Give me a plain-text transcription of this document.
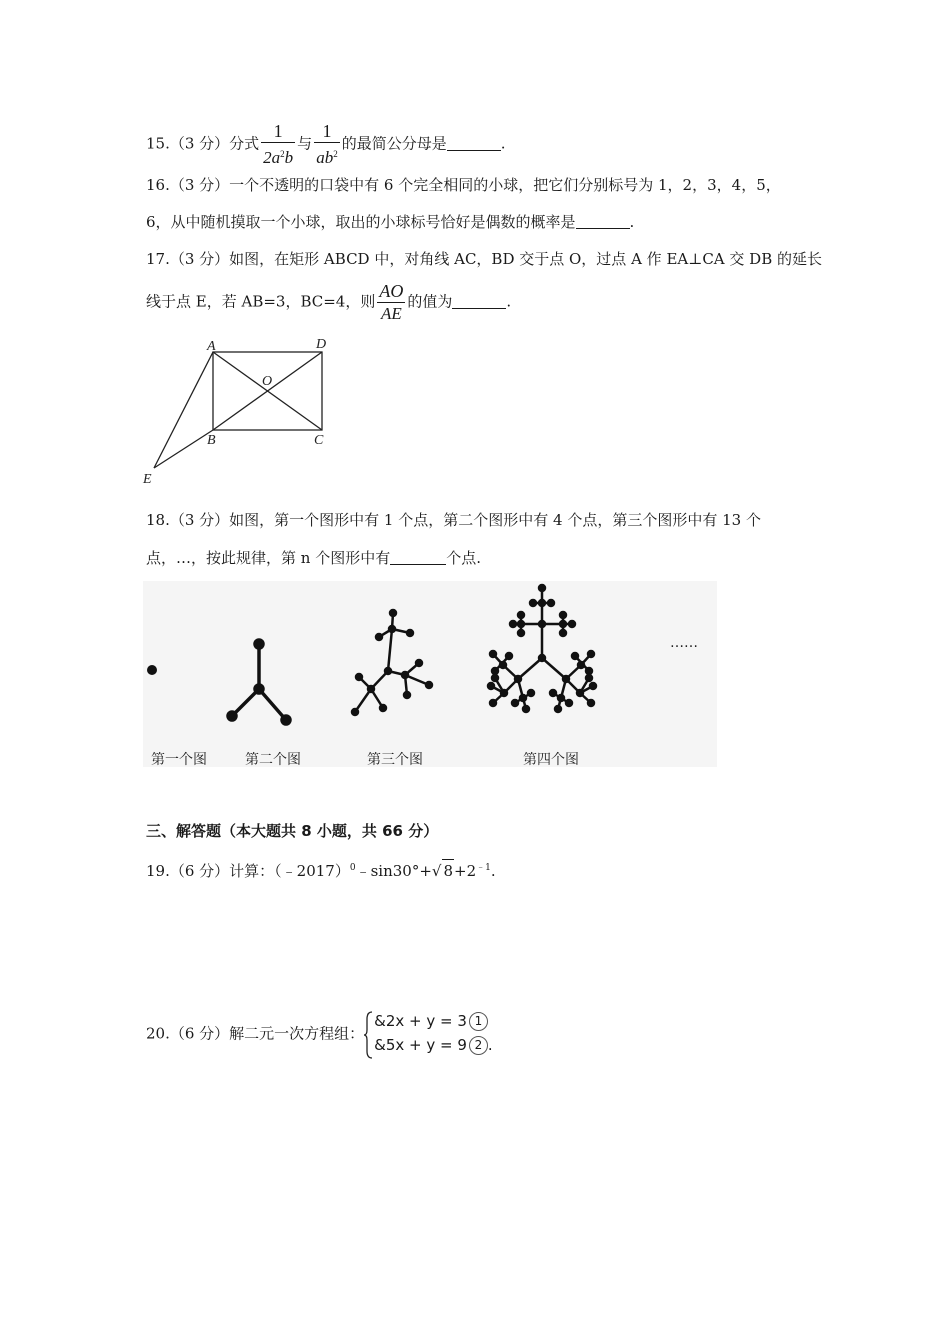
15.（3 分）分式 $\frac{1}{2a^2b}$ 与 $\frac{1}{ab^2}$ 的最简公分母是	.
16.（3 分）一个不透明的口袋中有 6 个完全相同的小球，把它们分别标号为 1，2，3，4，5，
6，从中随机摸取一个小球，取出的小球标号恰好是偶数的概率是	.
17.（3 分）如图，在矩形 ABCD 中，对角线 AC，BD 交于点 O，过点 A 作 EA⊥CA 交 DB 的延长
线于点 E，若 AB=3，BC=4，则 $\frac{AO}{AE}$ 的值为	.
A	D
O
B	C
E
18.（3 分）如图，第一个图形中有 1 个点，第二个图形中有 4 个点，第三个图形中有 13 个
点，…，按此规律，第 n 个图形中有	个点.
……
第一个图	第二个图	第三个图	第四个图
三、解答题（本大题共 8 小题，共 66 分）
19.（6 分）计算：（﹣2017）$^0$﹣sin30°+√ $8+2^{﹣1}$.
20.（6 分）解二元一次方程组：
&2x + y = 3 1
&5x + y = 9 2 .
